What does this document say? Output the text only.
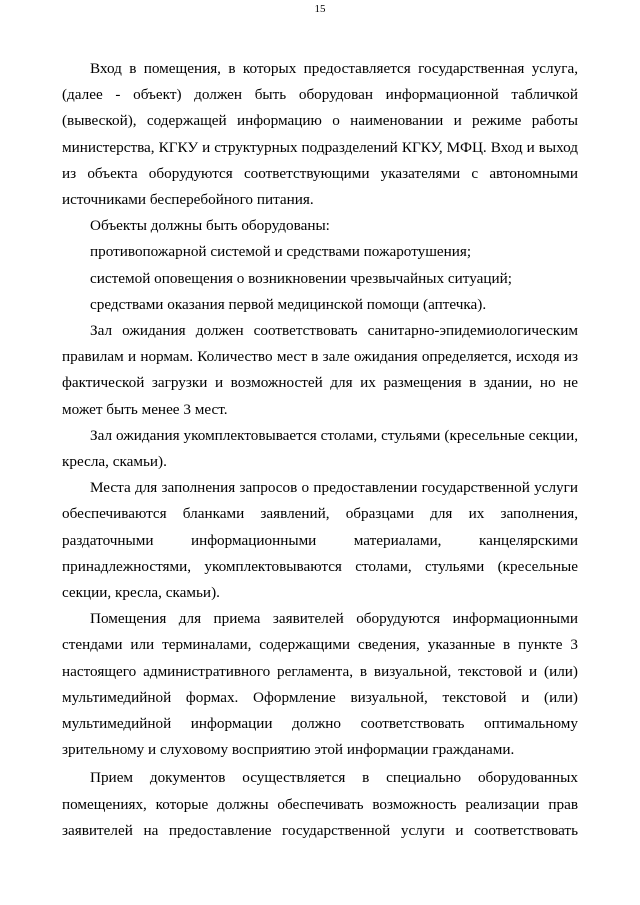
15

Вход в помещения, в которых предоставляется государственная услуга, (далее - объект) должен быть оборудован информационной табличкой (вывеской), содержащей информацию о наименовании и режиме работы министерства, КГКУ и структурных подразделений КГКУ, МФЦ. Вход и выход из объекта оборудуются соответствующими указателями с автономными источниками бесперебойного питания.

Объекты должны быть оборудованы:

противопожарной системой и средствами пожаротушения;

системой оповещения о возникновении чрезвычайных ситуаций;

средствами оказания первой медицинской помощи (аптечка).

Зал ожидания должен соответствовать санитарно-эпидемиологическим правилам и нормам. Количество мест в зале ожидания определяется, исходя из фактической загрузки и возможностей для их размещения в здании, но не может быть менее 3 мест.

Зал ожидания укомплектовывается столами, стульями (кресельные секции, кресла, скамьи).

Места для заполнения запросов о предоставлении государственной услуги обеспечиваются бланками заявлений, образцами для их заполнения, раздаточными информационными материалами, канцелярскими принадлежностями, укомплектовываются столами, стульями (кресельные секции, кресла, скамьи).

Помещения для приема заявителей оборудуются информационными стендами или терминалами, содержащими сведения, указанные в пункте 3 настоящего административного регламента, в визуальной, текстовой и (или) мультимедийной формах. Оформление визуальной, текстовой и (или) мультимедийной информации должно соответствовать оптимальному зрительному и слуховому восприятию этой информации гражданами.

Прием документов осуществляется в специально оборудованных помещениях, которые должны обеспечивать возможность реализации прав заявителей на предоставление государственной услуги и соответствовать
